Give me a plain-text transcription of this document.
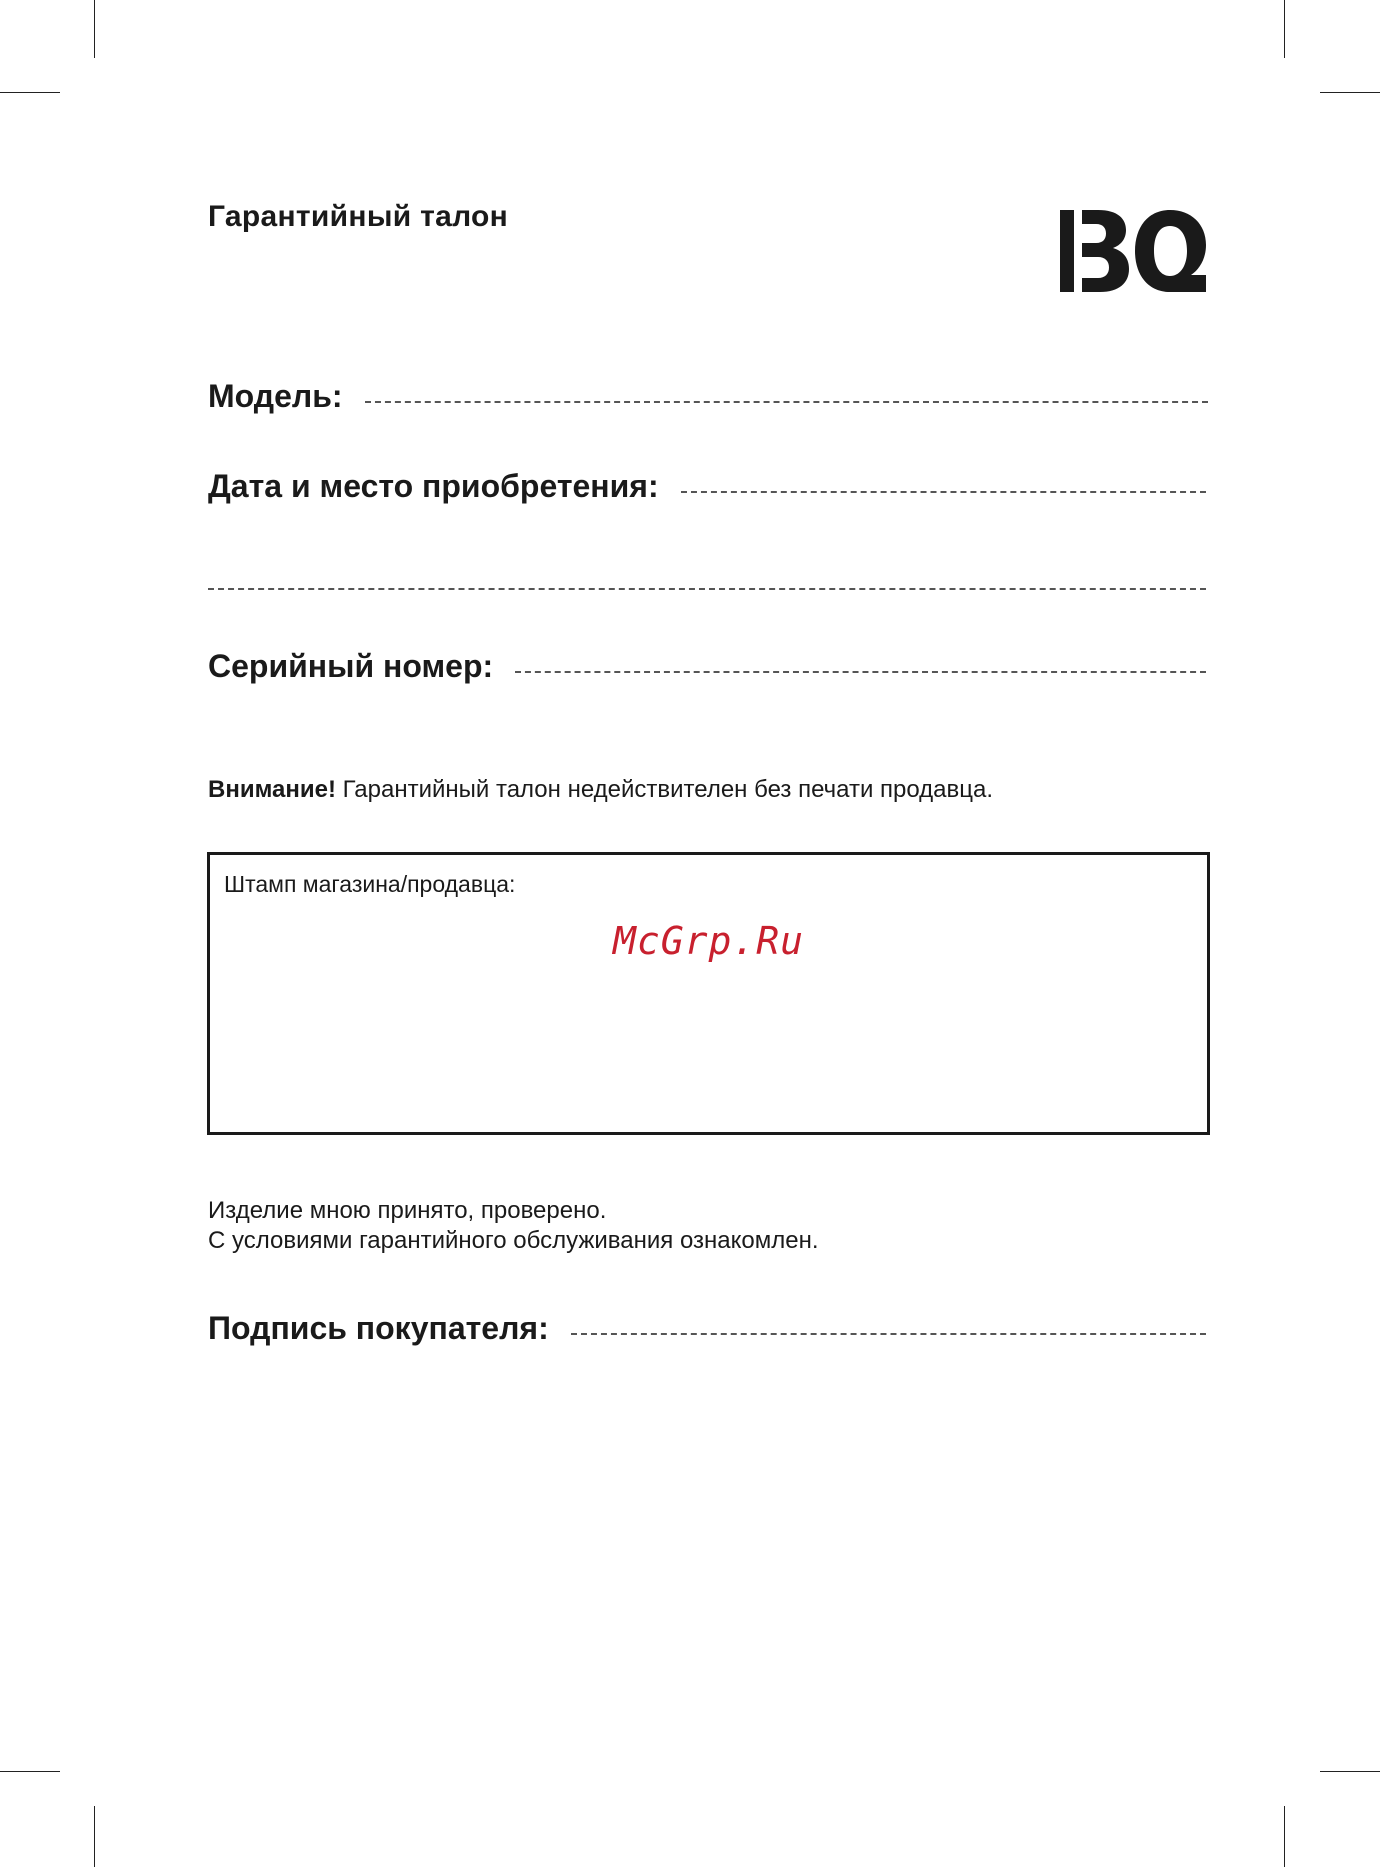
Гарантийный талон
Модель:
Дата и место приобретения:
Серийный номер:
Внимание! Гарантийный талон недействителен без печати продавца.
Штамп магазина/продавца:
McGrp.Ru
Изделие мною принято, проверено.
С условиями гарантийного обслуживания ознакомлен.
Подпись покупателя:
